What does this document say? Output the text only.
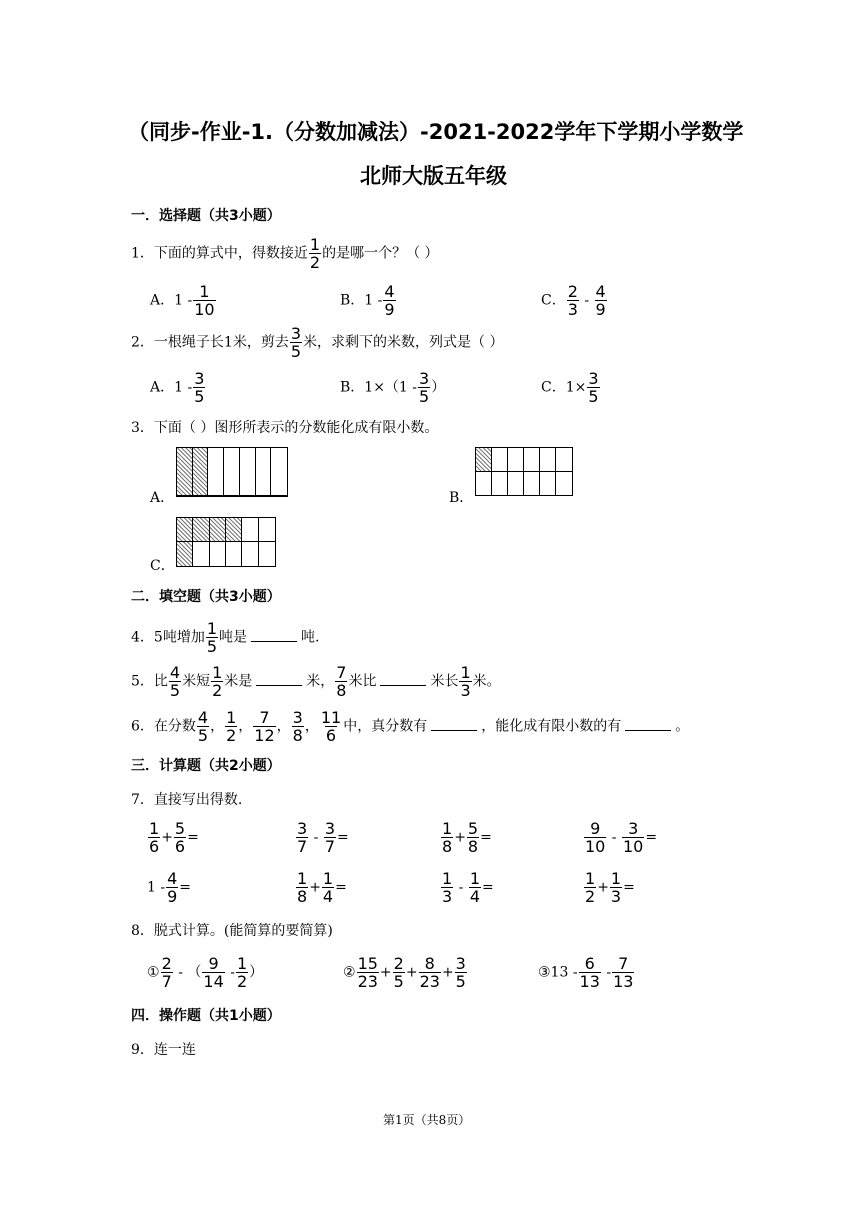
（同步-作业-1.（分数加减法）-2021-2022学年下学期小学数学
北师大版五年级
一．选择题（共3小题）
1．下面的算式中，得数接近 $\frac{1}{2}$ 的是哪一个？（ ）
A．$1 - \frac{1}{10}$	B．$1 - \frac{4}{9}$	C． $\frac{2}{3} - \frac{4}{9}$
2．一根绳子长1米，剪去 $\frac{3}{5}$ 米，求剩下的米数，列式是（ ）
A．$1 - \frac{3}{5}$	B．$1\times(1 - \frac{3}{5}$ ）	C．$1\times \frac{3}{5}$
3．下面（ ）图形所表示的分数能化成有限小数。
A．	B．
C．
二．填空题（共3小题）
4．5吨增加 $\frac{1}{5}$ 吨是	吨.
5．比 $\frac{4}{5}$ 米短 $\frac{1}{2}$ 米是	米， $\frac{7}{8}$ 米比	米长 $\frac{1}{3}$ 米。
6．在分数 $\frac{4}{5}$ ， $\frac{1}{2}$ ， $\frac{7}{12}$ ， $\frac{3}{8}$ ， $\frac{11}{6}$ 中，真分数有	，能化成有限小数的有	。
三．计算题（共2小题）
7．直接写出得数.
$\frac{1}{6} + \frac{5}{6}$ =	$\frac{3}{7} - \frac{3}{7}$ =	$\frac{1}{8} + \frac{5}{8}$ =	$\frac{9}{10} - \frac{3}{10}$ =
$1 - \frac{4}{9}$ =	$\frac{1}{8} + \frac{1}{4}$ =	$\frac{1}{3} - \frac{1}{4}$ =	$\frac{1}{2} + \frac{1}{3}$ =
8．脱式计算。(能简算的要简算)
① $\frac{2}{7}$ - （ $\frac{9}{14} - \frac{1}{2}$ ）	② $\frac{15}{23} + \frac{2}{5} + \frac{8}{23} + \frac{3}{5}$	③13 - $\frac{6}{13} - \frac{7}{13}$
四．操作题（共1小题）
9．连一连
第1页（共8页）
